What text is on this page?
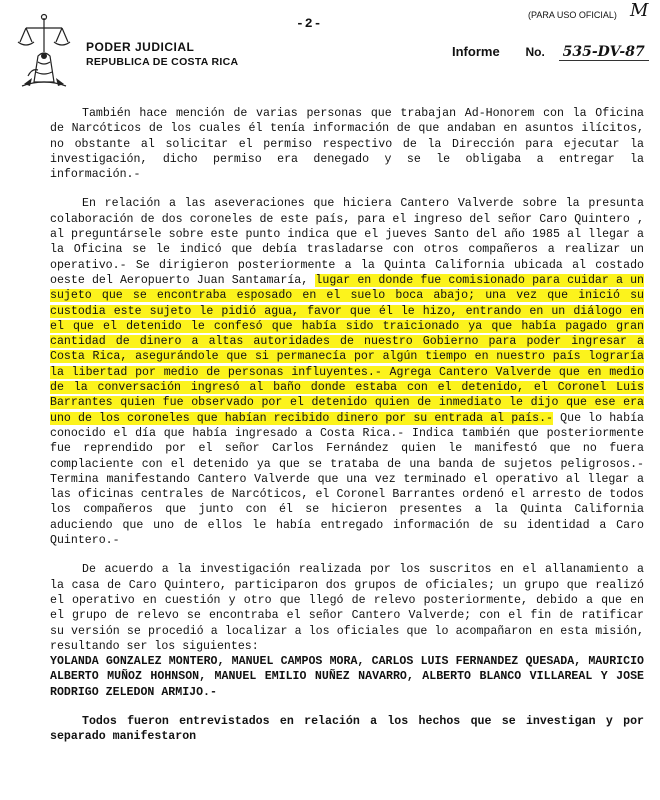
PODER JUDICIAL
REPUBLICA DE COSTA RICA
-2-
(PARA USO OFICIAL) M
Informe No. 535-DV-87

También hace mención de varias personas que trabajan Ad-Honorem con la Oficina de Narcóticos de los cuales él tenía información de que andaban en asuntos ilícitos, no obstante al solicitar el permiso respectivo de la Dirección para ejecutar la investigación, dicho permiso era denegado y se le obligaba a entregar la información.-

En relación a las aseveraciones que hiciera Cantero Valverde sobre la presunta colaboración de dos coroneles de este país, para el ingreso del señor Caro Quintero , al preguntársele sobre este punto indica que el jueves Santo del año 1985 al llegar a la Oficina se le indicó que debía trasladarse con otros compañeros a realizar un operativo.- Se dirigieron posteriormente a la Quinta California ubicada al costado oeste del Aeropuerto Juan Santamaría, lugar en donde fue comisionado para cuidar a un sujeto que se encontraba esposado en el suelo boca abajo; una vez que inició su custodia este sujeto le pidió agua, favor que él le hizo, entrando en un diálogo en el que el detenido le confesó que había sido traicionado ya que había pagado gran cantidad de dinero a altas autoridades de nuestro Gobierno para poder ingresar a Costa Rica, asegurándole que si permanecía por algún tiempo en nuestro país lograría la libertad por medio de personas influyentes.- Agrega Cantero Valverde que en medio de la conversación ingresó al baño donde estaba con el detenido, el Coronel Luis Barrantes quien fue observado por el detenido quien de inmediato le dijo que ese era uno de los coroneles que habían recibido dinero por su entrada al país.- Que lo había conocido el día que había ingresado a Costa Rica.- Indica también que posteriormente fue reprendido por el señor Carlos Fernández quien le manifestó que no fuera complaciente con el detenido ya que se trataba de una banda de sujetos peligrosos.- Termina manifestando Cantero Valverde que una vez terminado el operativo al llegar a las oficinas centrales de Narcóticos, el Coronel Barrantes ordenó el arresto de todos los compañeros que junto con él se hicieron presentes a la Quinta California aduciendo que uno de ellos le había entregado información de su identidad a Caro Quintero.-

De acuerdo a la investigación realizada por los suscritos en el allanamiento a la casa de Caro Quintero, participaron dos grupos de oficiales; un grupo que realizó el operativo en cuestión y otro que llegó de relevo posteriormente, debido a que en el grupo de relevo se encontraba el señor Cantero Valverde; con el fin de ratificar su versión se procedió a localizar a los oficiales que lo acompañaron en esta misión, resultando ser los siguientes:

YOLANDA GONZALEZ MONTERO, MANUEL CAMPOS MORA, CARLOS LUIS FERNANDEZ QUESADA, MAURICIO ALBERTO MUÑOZ HOHNSON, MANUEL EMILIO NUÑEZ NAVARRO, ALBERTO BLANCO VILLAREAL Y JOSE RODRIGO ZELEDON ARMIJO.-

Todos fueron entrevistados en relación a los hechos que se investigan y por separado manifestaron
